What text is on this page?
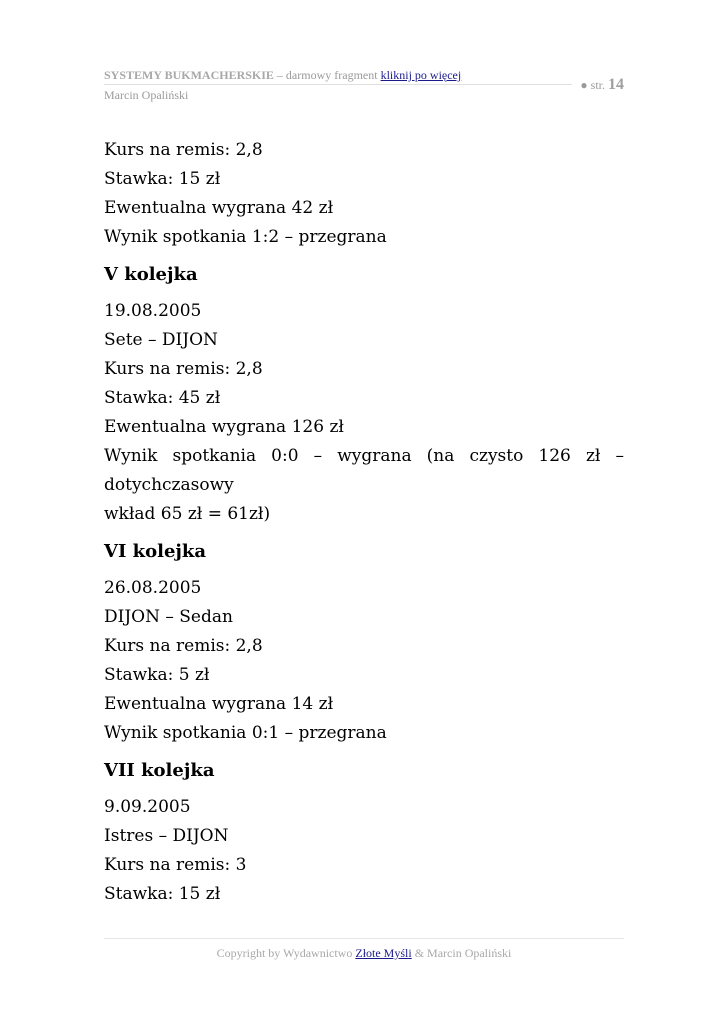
SYSTEMY BUKMACHERSKIE – darmowy fragment kliknij po więcej
Marcin Opaliński
● str. 14
Kurs na remis: 2,8
Stawka: 15 zł
Ewentualna wygrana 42 zł
Wynik spotkania 1:2 – przegrana
V kolejka
19.08.2005
Sete – DIJON
Kurs na remis: 2,8
Stawka: 45 zł
Ewentualna wygrana 126 zł
Wynik spotkania 0:0 – wygrana (na czysto 126 zł – dotychczasowy
wkład 65 zł = 61zł)
VI kolejka
26.08.2005
DIJON – Sedan
Kurs na remis: 2,8
Stawka: 5 zł
Ewentualna wygrana 14 zł
Wynik spotkania 0:1 – przegrana
VII kolejka
9.09.2005
Istres – DIJON
Kurs na remis: 3
Stawka: 15 zł
Copyright by Wydawnictwo Złote Myśli & Marcin Opaliński
